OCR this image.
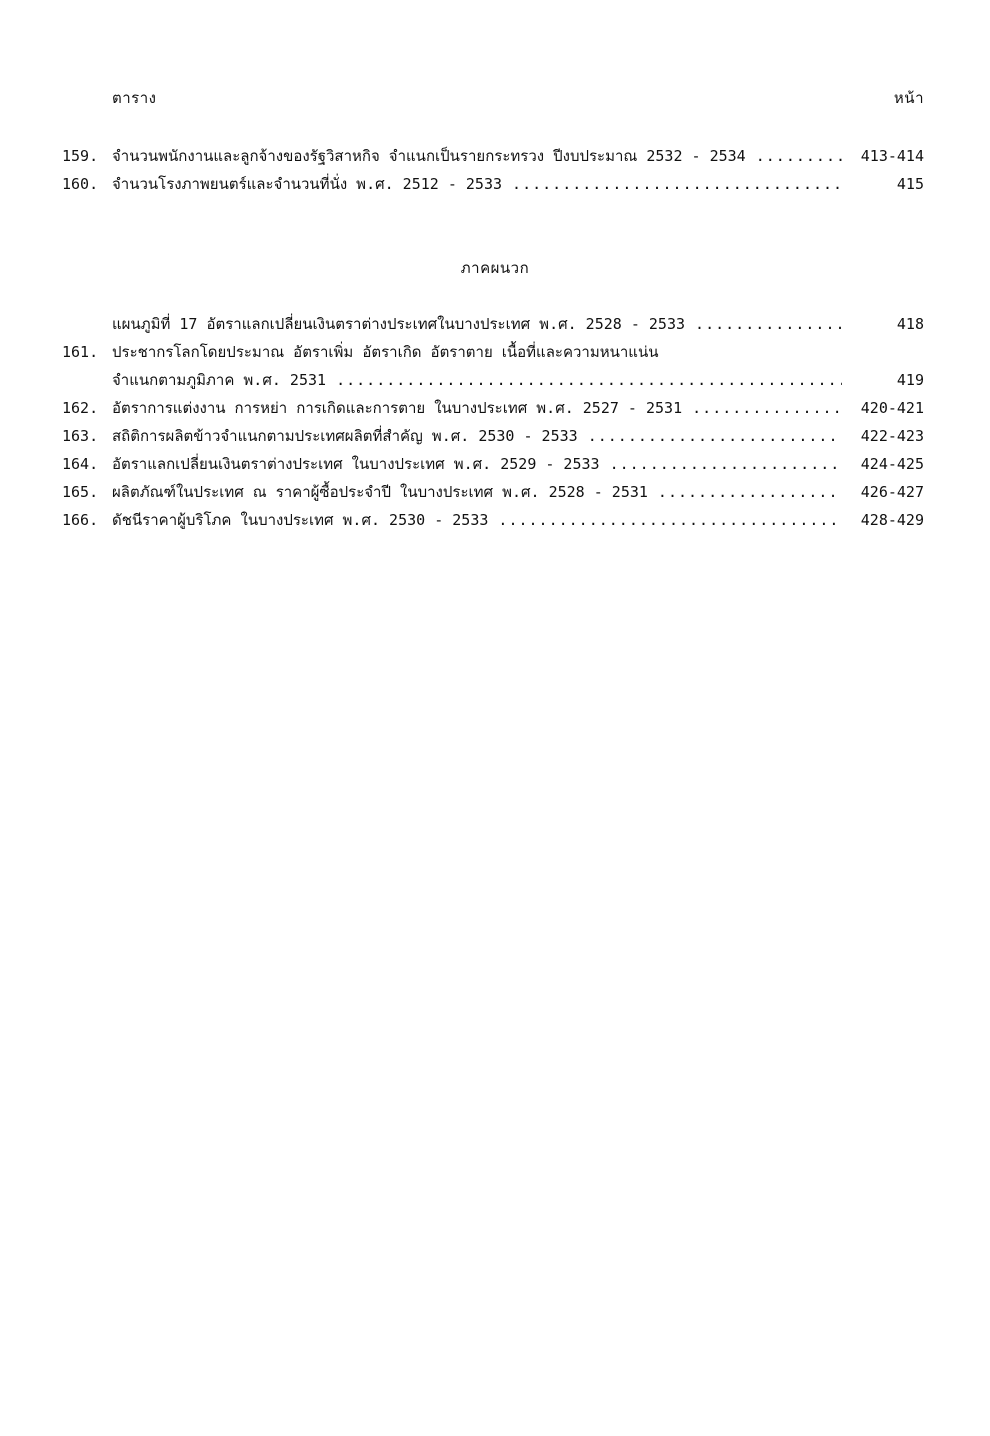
ตาราง	หน้า
159. จำนวนพนักงานและลูกจ้างของรัฐวิสาหกิจ จำแนกเป็นรายกระทรวง ปีงบประมาณ 2532 - 2534 .....	413-414
160. จำนวนโรงภาพยนตร์และจำนวนที่นั่ง พ.ศ. 2512 - 2533 .....	415
ภาคผนวก
แผนภูมิที่ 17 อัตราแลกเปลี่ยนเงินตราต่างประเทศในบางประเทศ พ.ศ. 2528 - 2533 .....	418
161. ประชากรโลกโดยประมาณ อัตราเพิ่ม อัตราเกิด อัตราตาย เนื้อที่และความหนาแน่น
จำแนกตามภูมิภาค พ.ศ. 2531 .....	419
162. อัตราการแต่งงาน การหย่า การเกิดและการตาย ในบางประเทศ พ.ศ. 2527 - 2531 .....	420-421
163. สถิติการผลิตข้าวจำแนกตามประเทศผลิตที่สำคัญ พ.ศ. 2530 - 2533 .....	422-423
164. อัตราแลกเปลี่ยนเงินตราต่างประเทศ ในบางประเทศ พ.ศ. 2529 - 2533 .....	424-425
165. ผลิตภัณฑ์ในประเทศ ณ ราคาผู้ซื้อประจำปี ในบางประเทศ พ.ศ. 2528 - 2531 .....	426-427
166. ดัชนีราคาผู้บริโภค ในบางประเทศ พ.ศ. 2530 - 2533 .....	428-429
